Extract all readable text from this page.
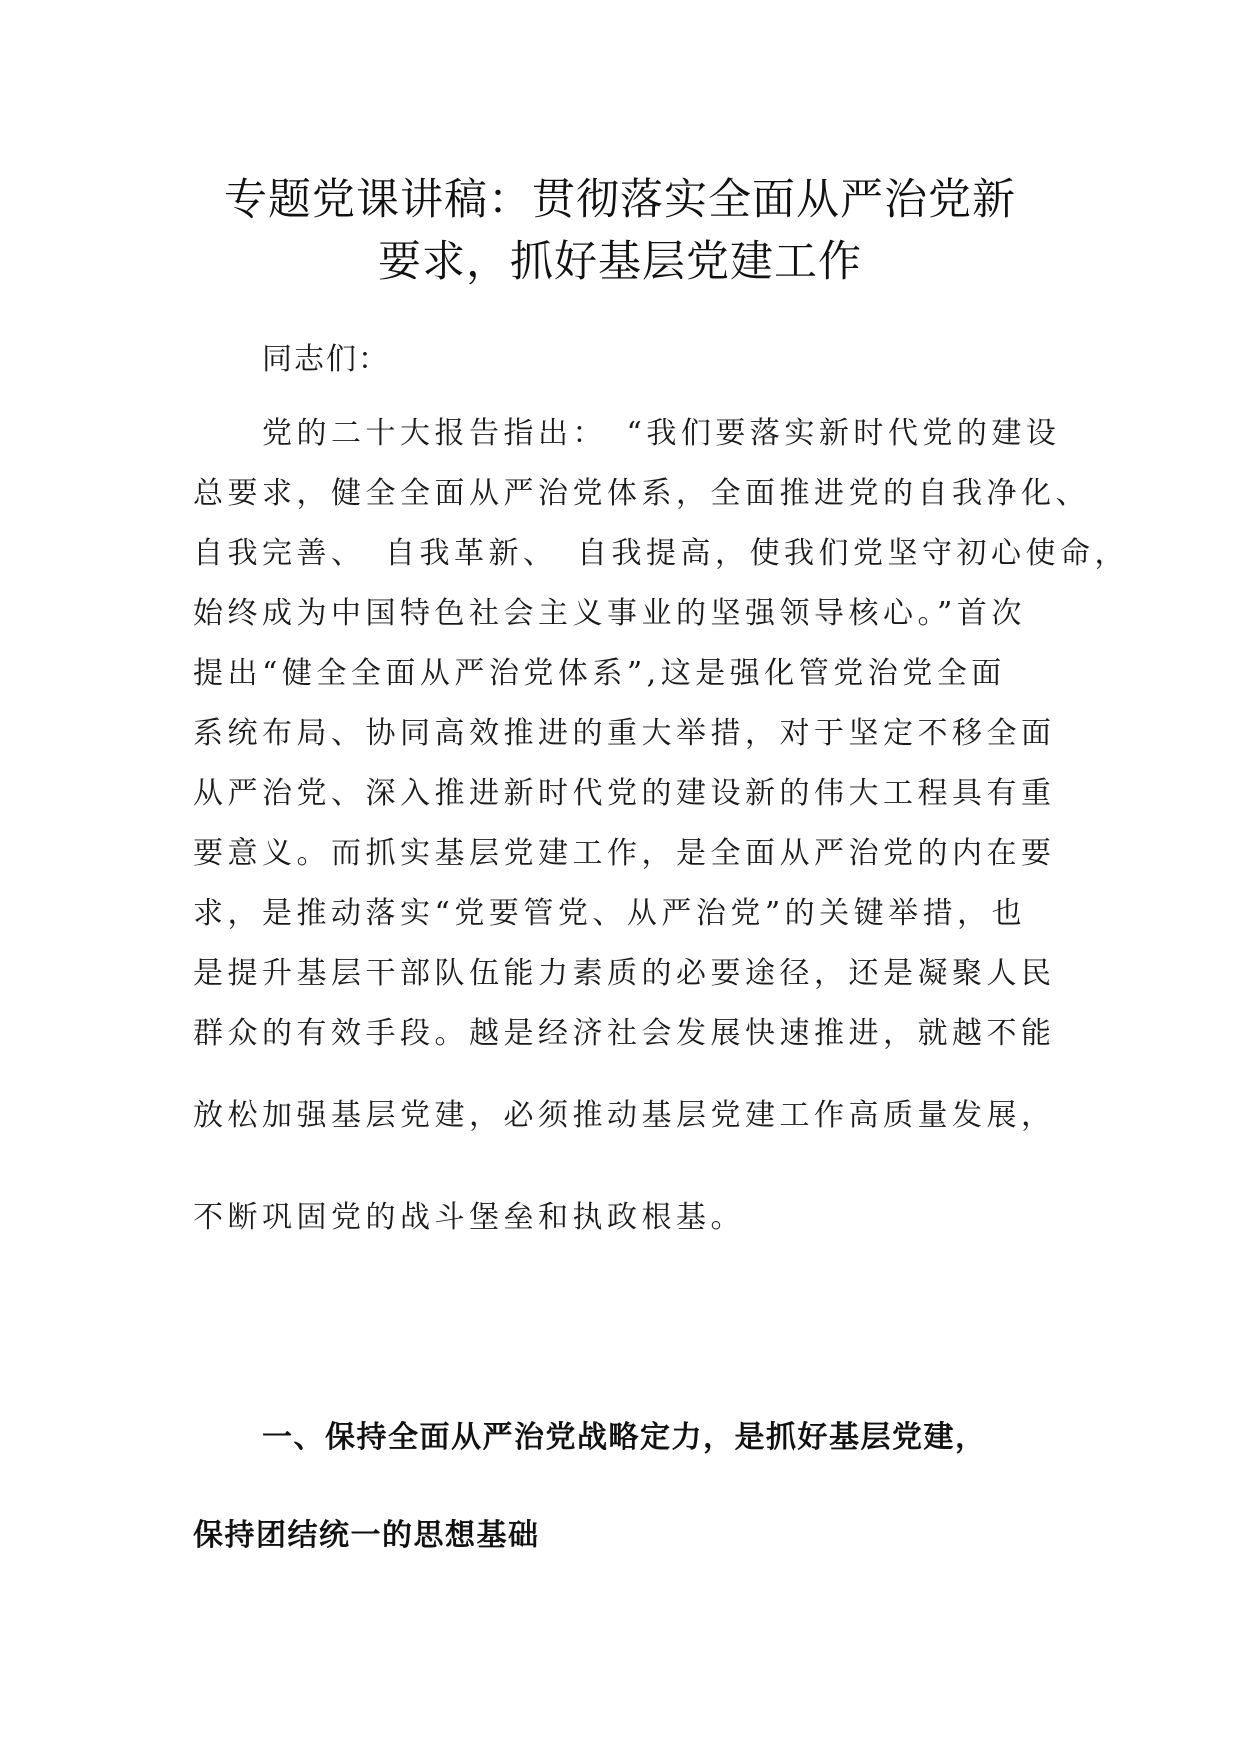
专题党课讲稿：贯彻落实全面从严治党新
要求，抓好基层党建工作

同志们：

党的二十大报告指出：　“我们要落实新时代党的建设

总要求，健全全面从严治党体系，全面推进党的自我净化、

自我完善、　自我革新、　自我提高，使我们党坚守初心使命，

始终成为中国特色社会主义事业的坚强领导核心。”首次

提出“健全全面从严治党体系”,这是强化管党治党全面

系统布局、协同高效推进的重大举措，对于坚定不移全面

从严治党、深入推进新时代党的建设新的伟大工程具有重

要意义。而抓实基层党建工作，是全面从严治党的内在要

求，是推动落实“党要管党、从严治党”的关键举措，也

是提升基层干部队伍能力素质的必要途径，还是凝聚人民

群众的有效手段。越是经济社会发展快速推进，就越不能

放松加强基层党建，必须推动基层党建工作高质量发展，

不断巩固党的战斗堡垒和执政根基。

一、保持全面从严治党战略定力，是抓好基层党建，
保持团结统一的思想基础
